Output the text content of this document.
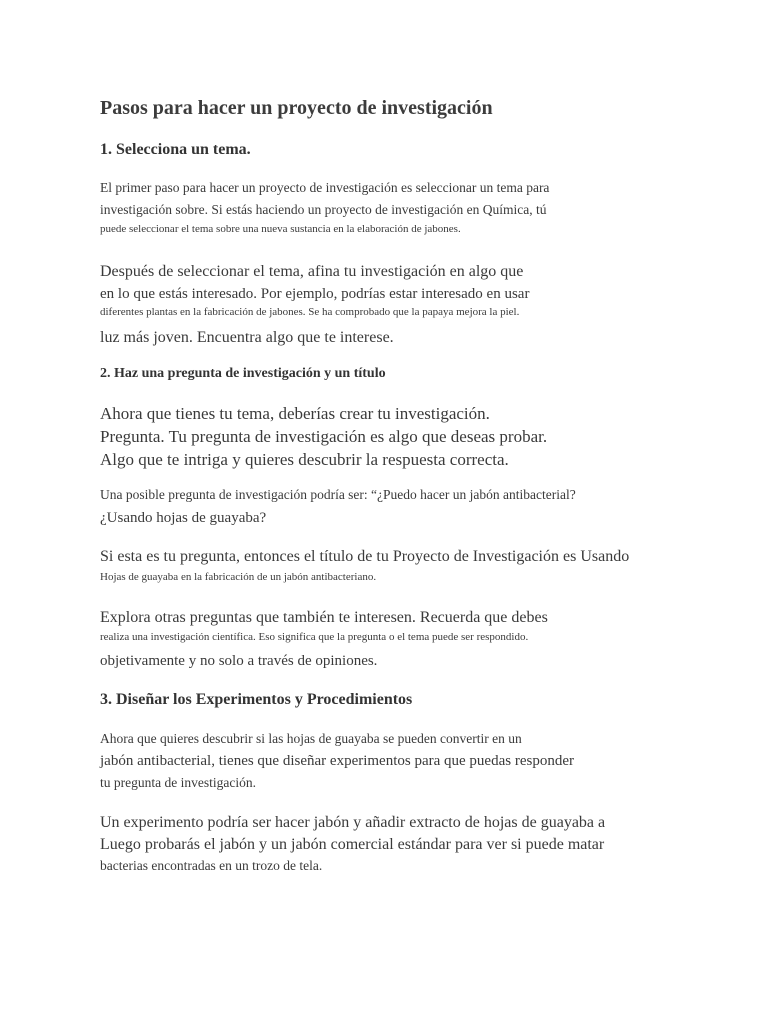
Pasos para hacer un proyecto de investigación
1. Selecciona un tema.
El primer paso para hacer un proyecto de investigación es seleccionar un tema para
investigación sobre. Si estás haciendo un proyecto de investigación en Química, tú
puede seleccionar el tema sobre una nueva sustancia en la elaboración de jabones.
Después de seleccionar el tema, afina tu investigación en algo que
en lo que estás interesado. Por ejemplo, podrías estar interesado en usar
diferentes plantas en la fabricación de jabones. Se ha comprobado que la papaya mejora la piel.
luz más joven. Encuentra algo que te interese.
2. Haz una pregunta de investigación y un título
Ahora que tienes tu tema, deberías crear tu investigación.
Pregunta. Tu pregunta de investigación es algo que deseas probar.
Algo que te intriga y quieres descubrir la respuesta correcta.
Una posible pregunta de investigación podría ser: “¿Puedo hacer un jabón antibacterial?
¿Usando hojas de guayaba?
Si esta es tu pregunta, entonces el título de tu Proyecto de Investigación es Usando
Hojas de guayaba en la fabricación de un jabón antibacteriano.
Explora otras preguntas que también te interesen. Recuerda que debes
realiza una investigación científica. Eso significa que la pregunta o el tema puede ser respondido.
objetivamente y no solo a través de opiniones.
3. Diseñar los Experimentos y Procedimientos
Ahora que quieres descubrir si las hojas de guayaba se pueden convertir en un
jabón antibacterial, tienes que diseñar experimentos para que puedas responder
tu pregunta de investigación.
Un experimento podría ser hacer jabón y añadir extracto de hojas de guayaba a
Luego probarás el jabón y un jabón comercial estándar para ver si puede matar
bacterias encontradas en un trozo de tela.
